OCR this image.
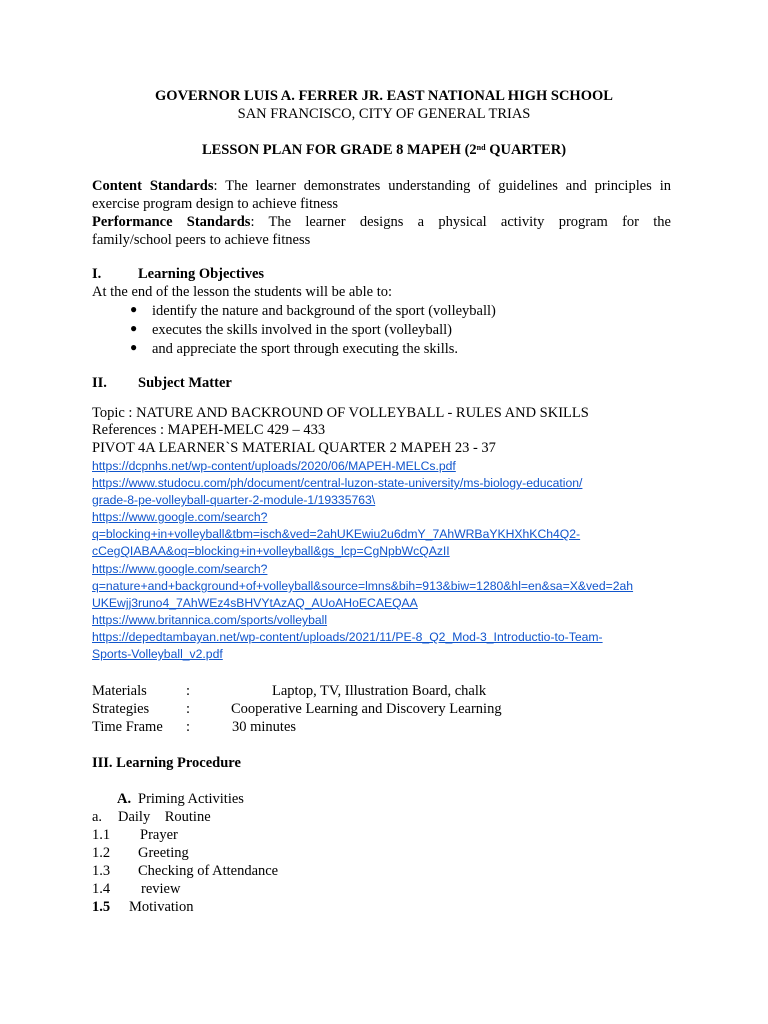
GOVERNOR LUIS A. FERRER JR. EAST NATIONAL HIGH SCHOOL
SAN FRANCISCO, CITY OF GENERAL TRIAS
LESSON PLAN FOR GRADE 8 MAPEH (2nd QUARTER)
Content Standards: The learner demonstrates understanding of guidelines and principles in
exercise program design to achieve fitness
Performance Standards: The learner designs a physical activity program for the
family/school peers to achieve fitness
I.	Learning Objectives
At the end of the lesson the students will be able to:
● identify the nature and background of the sport (volleyball)
● executes the skills involved in the sport (volleyball)
● and appreciate the sport through executing the skills.
II. Subject Matter
Topic : NATURE AND BACKROUND OF VOLLEYBALL - RULES AND SKILLS
References : MAPEH-MELC 429 – 433
PIVOT 4A LEARNER`S MATERIAL QUARTER 2 MAPEH 23 - 37
https://dcpnhs.net/wp-content/uploads/2020/06/MAPEH-MELCs.pdf
https://www.studocu.com/ph/document/central-luzon-state-university/ms-biology-education/
grade-8-pe-volleyball-quarter-2-module-1/19335763\
https://www.google.com/search?
q=blocking+in+volleyball&tbm=isch&ved=2ahUKEwiu2u6dmY_7AhWRBaYKHXhKCh4Q2-
cCegQIABAA&oq=blocking+in+volleyball&gs_lcp=CgNpbWcQAzII
https://www.google.com/search?
q=nature+and+background+of+volleyball&source=lmns&bih=913&biw=1280&hl=en&sa=X&ved=2ah
UKEwjj3runo4_7AhWEz4sBHVYtAzAQ_AUoAHoECAEQAA
https://www.britannica.com/sports/volleyball
https://depedtambayan.net/wp-content/uploads/2021/11/PE-8_Q2_Mod-3_Introductio-to-Team-
Sports-Volleyball_v2.pdf
Materials	:	Laptop, TV, Illustration Board, chalk
Strategies	:	Cooperative Learning and Discovery Learning
Time Frame :	30 minutes
III. Learning Procedure
A. Priming Activities
a. Daily    Routine
1.1 Prayer
1.2 Greeting
1.3 Checking of Attendance
1.4 review
1.5 Motivation
